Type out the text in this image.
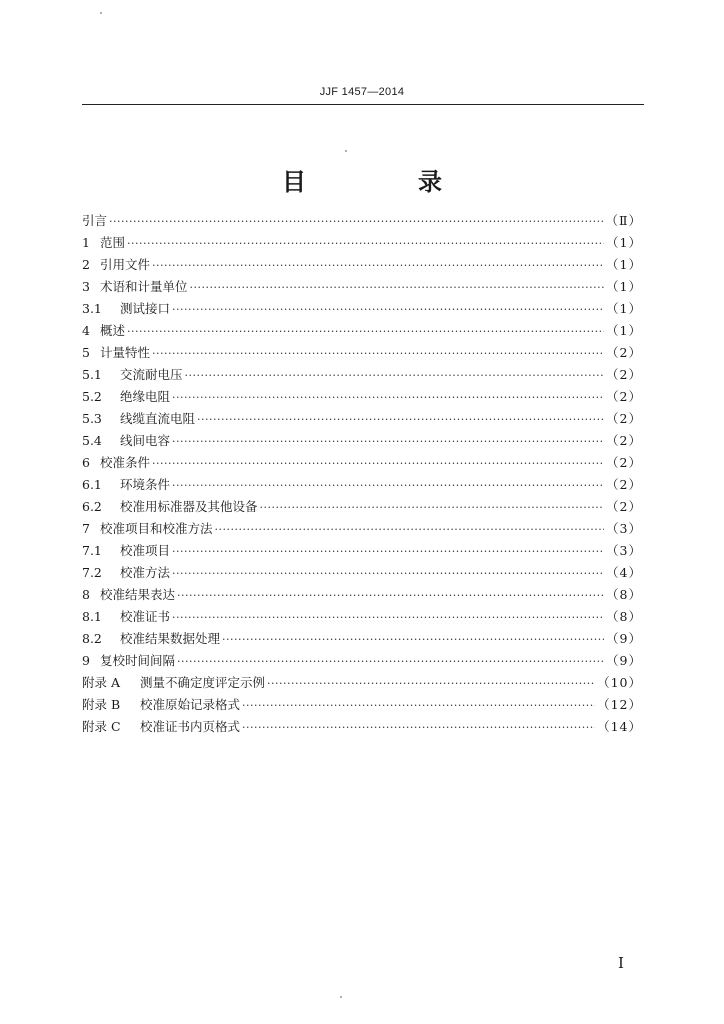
JJF 1457—2014
目　录
引言 ·····	（Ⅱ）
1 范围 ·····	（1）
2 引用文件 ·····	（1）
3 术语和计量单位 ·····	（1）
3.1 测试接口 ·····	（1）
4 概述 ·····	（1）
5 计量特性 ·····	（2）
5.1 交流耐电压 ·····	（2）
5.2 绝缘电阻 ·····	（2）
5.3 线缆直流电阻 ·····	（2）
5.4 线间电容 ·····	（2）
6 校准条件 ·····	（2）
6.1 环境条件 ·····	（2）
6.2 校准用标准器及其他设备 ·····	（2）
7 校准项目和校准方法 ·····	（3）
7.1 校准项目 ·····	（3）
7.2 校准方法 ·····	（4）
8 校准结果表达 ·····	（8）
8.1 校准证书 ·····	（8）
8.2 校准结果数据处理 ·····	（9）
9 复校时间间隔 ·····	（9）
附录 A 测量不确定度评定示例 ·····	（10）
附录 B 校准原始记录格式 ·····	（12）
附录 C 校准证书内页格式 ·····	（14）
I
